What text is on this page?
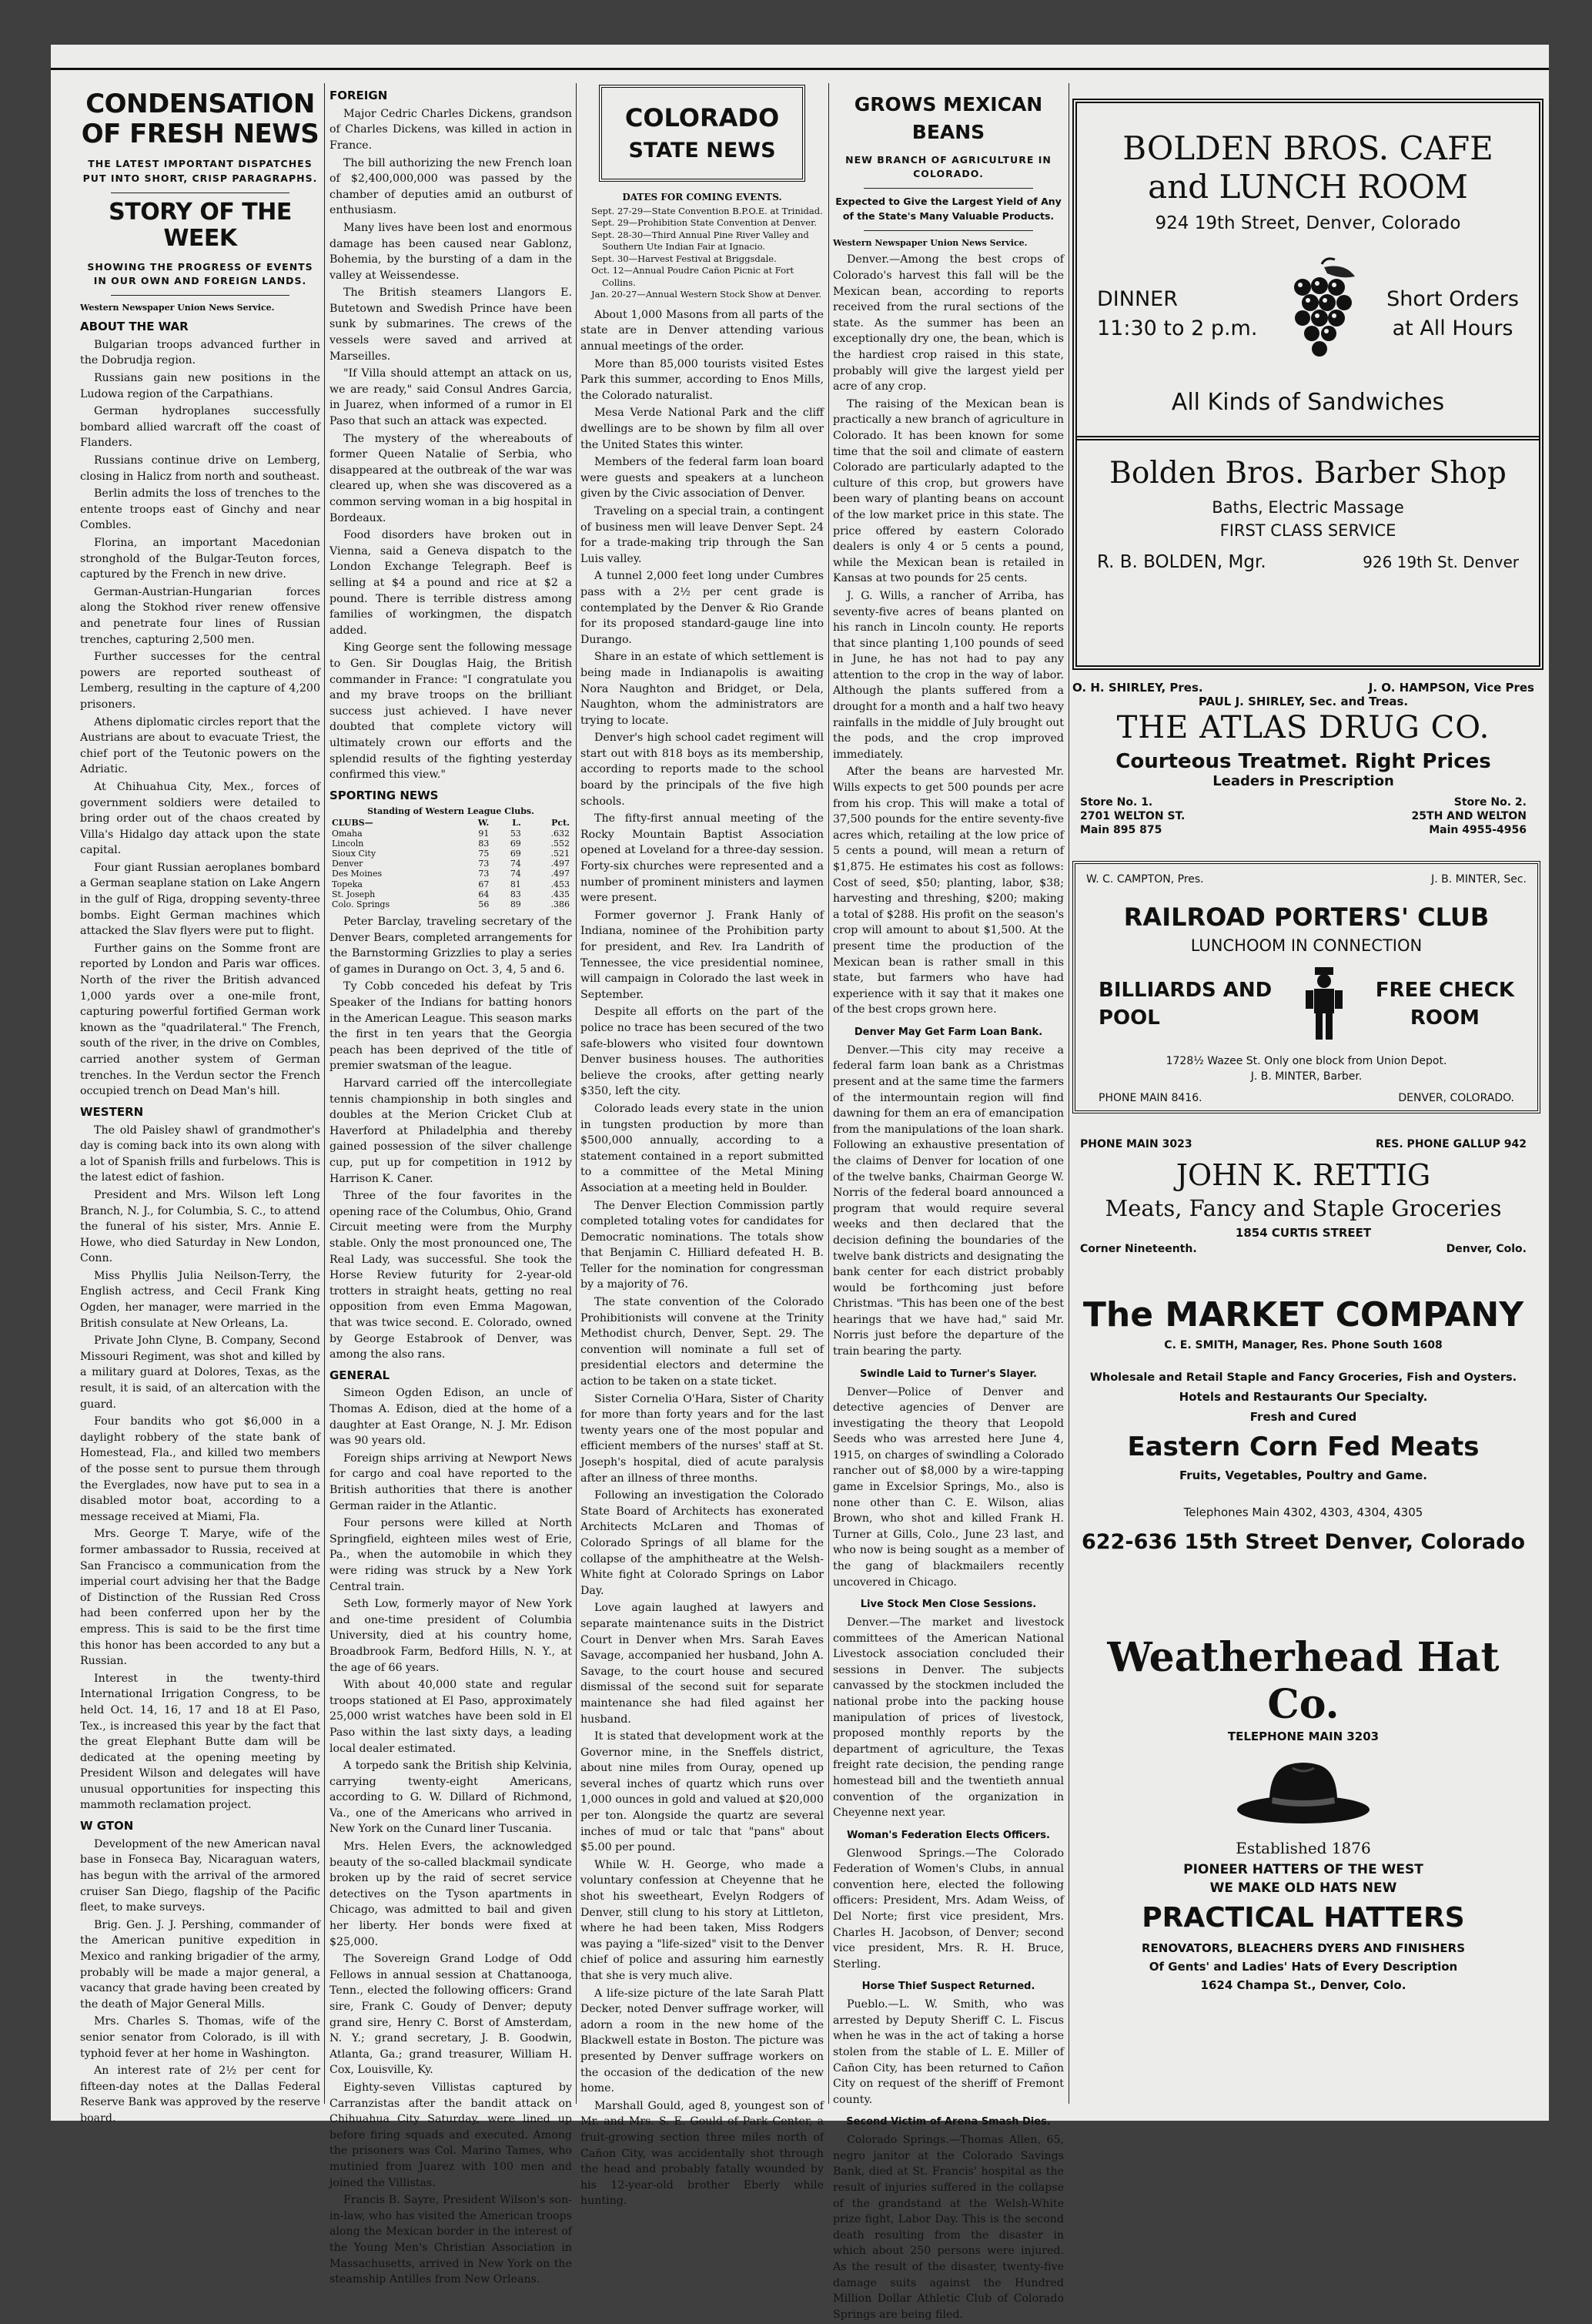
CONDENSATION OF FRESH NEWS
THE LATEST IMPORTANT DISPATCHES PUT INTO SHORT, CRISP PARAGRAPHS.
STORY OF THE WEEK
SHOWING THE PROGRESS OF EVENTS IN OUR OWN AND FOREIGN LANDS.
Western Newspaper Union News Service.
ABOUT THE WAR

Bulgarian troops advanced further in the Dobrudja region.

Russians gain new positions in the Ludowa region of the Carpathians.

German hydroplanes successfully bombard allied warcraft off the coast of Flanders.

Russians continue drive on Lemberg, closing in Halicz from north and southeast.

Berlin admits the loss of trenches to the entente troops east of Ginchy and near Combles.

Florina, an important Macedonian stronghold of the Bulgar-Teuton forces, captured by the French in new drive.

German-Austrian-Hungarian forces along the Stokhod river renew offensive and penetrate four lines of Russian trenches, capturing 2,500 men.

Further successes for the central powers are reported southeast of Lemberg, resulting in the capture of 4,200 prisoners.

Athens diplomatic circles report that the Austrians are about to evacuate Triest, the chief port of the Teutonic powers on the Adriatic.

At Chihuahua City, Mex., forces of government soldiers were detailed to bring order out of the chaos created by Villa's Hidalgo day attack upon the state capital.

Four giant Russian aeroplanes bombard a German seaplane station on Lake Angern in the gulf of Riga, dropping seventy-three bombs. Eight German machines which attacked the Slav flyers were put to flight.

Further gains on the Somme front are reported by London and Paris war offices. North of the river the British advanced 1,000 yards over a one-mile front, capturing powerful fortified German work known as the "quadrilateral." The French, south of the river, in the drive on Combles, carried another system of German trenches. In the Verdun sector the French occupied trench on Dead Man's hill.

WESTERN

The old Paisley shawl of grandmother's day is coming back into its own along with a lot of Spanish frills and furbelows. This is the latest edict of fashion.

President and Mrs. Wilson left Long Branch, N. J., for Columbia, S. C., to attend the funeral of his sister, Mrs. Annie E. Howe, who died Saturday in New London, Conn.

Miss Phyllis Julia Neilson-Terry, the English actress, and Cecil Frank King Ogden, her manager, were married in the British consulate at New Orleans, La.

Private John Clyne, B. Company, Second Missouri Regiment, was shot and killed by a military guard at Dolores, Texas, as the result, it is said, of an altercation with the guard.

Four bandits who got $6,000 in a daylight robbery of the state bank of Homestead, Fla., and killed two members of the posse sent to pursue them through the Everglades, now have put to sea in a disabled motor boat, according to a message received at Miami, Fla.

Mrs. George T. Marye, wife of the former ambassador to Russia, received at San Francisco a communication from the imperial court advising her that the Badge of Distinction of the Russian Red Cross had been conferred upon her by the empress. This is said to be the first time this honor has been accorded to any but a Russian.

Interest in the twenty-third International Irrigation Congress, to be held Oct. 14, 16, 17 and 18 at El Paso, Tex., is increased this year by the fact that the great Elephant Butte dam will be dedicated at the opening meeting by President Wilson and delegates will have unusual opportunities for inspecting this mammoth reclamation project.

W GTON

Development of the new American naval base in Fonseca Bay, Nicaraguan waters, has begun with the arrival of the armored cruiser San Diego, flagship of the Pacific fleet, to make surveys.

Brig. Gen. J. J. Pershing, commander of the American punitive expedition in Mexico and ranking brigadier of the army, probably will be made a major general, a vacancy that grade having been created by the death of Major General Mills.

Mrs. Charles S. Thomas, wife of the senior senator from Colorado, is ill with typhoid fever at her home in Washington.

An interest rate of 2½ per cent for fifteen-day notes at the Dallas Federal Reserve Bank was approved by the reserve board.

FOREIGN

Major Cedric Charles Dickens, grandson of Charles Dickens, was killed in action in France.

The bill authorizing the new French loan of $2,400,000,000 was passed by the chamber of deputies amid an outburst of enthusiasm.

Many lives have been lost and enormous damage has been caused near Gablonz, Bohemia, by the bursting of a dam in the valley at Weissendesse.

The British steamers Llangors E. Butetown and Swedish Prince have been sunk by submarines. The crews of the vessels were saved and arrived at Marseilles.

"If Villa should attempt an attack on us, we are ready," said Consul Andres Garcia, in Juarez, when informed of a rumor in El Paso that such an attack was expected.

The mystery of the whereabouts of former Queen Natalie of Serbia, who disappeared at the outbreak of the war was cleared up, when she was discovered as a common serving woman in a big hospital in Bordeaux.

Food disorders have broken out in Vienna, said a Geneva dispatch to the London Exchange Telegraph. Beef is selling at $4 a pound and rice at $2 a pound. There is terrible distress among families of workingmen, the dispatch added.

King George sent the following message to Gen. Sir Douglas Haig, the British commander in France: "I congratulate you and my brave troops on the brilliant success just achieved. I have never doubted that complete victory will ultimately crown our efforts and the splendid results of the fighting yesterday confirmed this view."

SPORTING NEWS
Standing of Western League Clubs.
CLUBS—	W.	L.	Pct.
Omaha	91	53	.632
Lincoln	83	69	.552
Sioux City	75	69	.521
Denver	73	74	.497
Des Moines	73	74	.497
Topeka	67	81	.453
St. Joseph	64	83	.435
Colo. Springs	56	89	.386

Peter Barclay, traveling secretary of the Denver Bears, completed arrangements for the Barnstorming Grizzlies to play a series of games in Durango on Oct. 3, 4, 5 and 6.

Ty Cobb conceded his defeat by Tris Speaker of the Indians for batting honors in the American League. This season marks the first in ten years that the Georgia peach has been deprived of the title of premier swatsman of the league.

Harvard carried off the intercollegiate tennis championship in both singles and doubles at the Merion Cricket Club at Haverford at Philadelphia and thereby gained possession of the silver challenge cup, put up for competition in 1912 by Harrison K. Caner.

Three of the four favorites in the opening race of the Columbus, Ohio, Grand Circuit meeting were from the Murphy stable. Only the most pronounced one, The Real Lady, was successful. She took the Horse Review futurity for 2-year-old trotters in straight heats, getting no real opposition from even Emma Magowan, that was twice second. E. Colorado, owned by George Estabrook of Denver, was among the also rans.

GENERAL

Simeon Ogden Edison, an uncle of Thomas A. Edison, died at the home of a daughter at East Orange, N. J. Mr. Edison was 90 years old.

Foreign ships arriving at Newport News for cargo and coal have reported to the British authorities that there is another German raider in the Atlantic.

Four persons were killed at North Springfield, eighteen miles west of Erie, Pa., when the automobile in which they were riding was struck by a New York Central train.

Seth Low, formerly mayor of New York and one-time president of Columbia University, died at his country home, Broadbrook Farm, Bedford Hills, N. Y., at the age of 66 years.

With about 40,000 state and regular troops stationed at El Paso, approximately 25,000 wrist watches have been sold in El Paso within the last sixty days, a leading local dealer estimated.

A torpedo sank the British ship Kelvinia, carrying twenty-eight Americans, according to G. W. Dillard of Richmond, Va., one of the Americans who arrived in New York on the Cunard liner Tuscania.

Mrs. Helen Evers, the acknowledged beauty of the so-called blackmail syndicate broken up by the raid of secret service detectives on the Tyson apartments in Chicago, was admitted to bail and given her liberty. Her bonds were fixed at $25,000.

The Sovereign Grand Lodge of Odd Fellows in annual session at Chattanooga, Tenn., elected the following officers: Grand sire, Frank C. Goudy of Denver; deputy grand sire, Henry C. Borst of Amsterdam, N. Y.; grand secretary, J. B. Goodwin, Atlanta, Ga.; grand treasurer, William H. Cox, Louisville, Ky.

Eighty-seven Villistas captured by Carranzistas after the bandit attack on Chihuahua City Saturday, were lined up before firing squads and executed. Among the prisoners was Col. Marino Tames, who mutinied from Juarez with 100 men and joined the Villistas.

Francis B. Sayre, President Wilson's son-in-law, who has visited the American troops along the Mexican border in the interest of the Young Men's Christian Association in Massachusetts, arrived in New York on the steamship Antilles from New Orleans.

COLORADO
STATE NEWS
DATES FOR COMING EVENTS.
Sept. 27-29—State Convention B.P.O.E. at Trinidad.
Sept. 29—Prohibition State Convention at Denver.
Sept. 28-30—Third Annual Pine River Valley and Southern Ute Indian Fair at Ignacio.
Sept. 30—Harvest Festival at Briggsdale.
Oct. 12—Annual Poudre Cañon Picnic at Fort Collins.
Jan. 20-27—Annual Western Stock Show at Denver.

About 1,000 Masons from all parts of the state are in Denver attending various annual meetings of the order.

More than 85,000 tourists visited Estes Park this summer, according to Enos Mills, the Colorado naturalist.

Mesa Verde National Park and the cliff dwellings are to be shown by film all over the United States this winter.

Members of the federal farm loan board were guests and speakers at a luncheon given by the Civic association of Denver.

Traveling on a special train, a contingent of business men will leave Denver Sept. 24 for a trade-making trip through the San Luis valley.

A tunnel 2,000 feet long under Cumbres pass with a 2½ per cent grade is contemplated by the Denver & Rio Grande for its proposed standard-gauge line into Durango.

Share in an estate of which settlement is being made in Indianapolis is awaiting Nora Naughton and Bridget, or Dela, Naughton, whom the administrators are trying to locate.

Denver's high school cadet regiment will start out with 818 boys as its membership, according to reports made to the school board by the principals of the five high schools.

The fifty-first annual meeting of the Rocky Mountain Baptist Association opened at Loveland for a three-day session. Forty-six churches were represented and a number of prominent ministers and laymen were present.

Former governor J. Frank Hanly of Indiana, nominee of the Prohibition party for president, and Rev. Ira Landrith of Tennessee, the vice presidential nominee, will campaign in Colorado the last week in September.

Despite all efforts on the part of the police no trace has been secured of the two safe-blowers who visited four downtown Denver business houses. The authorities believe the crooks, after getting nearly $350, left the city.

Colorado leads every state in the union in tungsten production by more than $500,000 annually, according to a statement contained in a report submitted to a committee of the Metal Mining Association at a meeting held in Boulder.

The Denver Election Commission partly completed totaling votes for candidates for Democratic nominations. The totals show that Benjamin C. Hilliard defeated H. B. Teller for the nomination for congressman by a majority of 76.

The state convention of the Colorado Prohibitionists will convene at the Trinity Methodist church, Denver, Sept. 29. The convention will nominate a full set of presidential electors and determine the action to be taken on a state ticket.

Sister Cornelia O'Hara, Sister of Charity for more than forty years and for the last twenty years one of the most popular and efficient members of the nurses' staff at St. Joseph's hospital, died of acute paralysis after an illness of three months.

Following an investigation the Colorado State Board of Architects has exonerated Architects McLaren and Thomas of Colorado Springs of all blame for the collapse of the amphitheatre at the Welsh-White fight at Colorado Springs on Labor Day.

Love again laughed at lawyers and separate maintenance suits in the District Court in Denver when Mrs. Sarah Eaves Savage, accompanied her husband, John A. Savage, to the court house and secured dismissal of the second suit for separate maintenance she had filed against her husband.

It is stated that development work at the Governor mine, in the Sneffels district, about nine miles from Ouray, opened up several inches of quartz which runs over 1,000 ounces in gold and valued at $20,000 per ton. Alongside the quartz are several inches of mud or talc that "pans" about $5.00 per pound.

While W. H. George, who made a voluntary confession at Cheyenne that he shot his sweetheart, Evelyn Rodgers of Denver, still clung to his story at Littleton, where he had been taken, Miss Rodgers was paying a "life-sized" visit to the Denver chief of police and assuring him earnestly that she is very much alive.

A life-size picture of the late Sarah Platt Decker, noted Denver suffrage worker, will adorn a room in the new home of the Blackwell estate in Boston. The picture was presented by Denver suffrage workers on the occasion of the dedication of the new home.

Marshall Gould, aged 8, youngest son of Mr. and Mrs. S. E. Gould of Park Center, a fruit-growing section three miles north of Cañon City, was accidentally shot through the head and probably fatally wounded by his 12-year-old brother Eberly while hunting.

GROWS MEXICAN BEANS
NEW BRANCH OF AGRICULTURE IN COLORADO.
Expected to Give the Largest Yield of Any of the State's Many Valuable Products.
Western Newspaper Union News Service.

Denver.—Among the best crops of Colorado's harvest this fall will be the Mexican bean, according to reports received from the rural sections of the state. As the summer has been an exceptionally dry one, the bean, which is the hardiest crop raised in this state, probably will give the largest yield per acre of any crop.

The raising of the Mexican bean is practically a new branch of agriculture in Colorado. It has been known for some time that the soil and climate of eastern Colorado are particularly adapted to the culture of this crop, but growers have been wary of planting beans on account of the low market price in this state. The price offered by eastern Colorado dealers is only 4 or 5 cents a pound, while the Mexican bean is retailed in Kansas at two pounds for 25 cents.

J. G. Wills, a rancher of Arriba, has seventy-five acres of beans planted on his ranch in Lincoln county. He reports that since planting 1,100 pounds of seed in June, he has not had to pay any attention to the crop in the way of labor. Although the plants suffered from a drought for a month and a half two heavy rainfalls in the middle of July brought out the pods, and the crop improved immediately.

After the beans are harvested Mr. Wills expects to get 500 pounds per acre from his crop. This will make a total of 37,500 pounds for the entire seventy-five acres which, retailing at the low price of 5 cents a pound, will mean a return of $1,875. He estimates his cost as follows: Cost of seed, $50; planting, labor, $38; harvesting and threshing, $200; making a total of $288. His profit on the season's crop will amount to about $1,500. At the present time the production of the Mexican bean is rather small in this state, but farmers who have had experience with it say that it makes one of the best crops grown here.

Denver May Get Farm Loan Bank.

Denver.—This city may receive a federal farm loan bank as a Christmas present and at the same time the farmers of the intermountain region will find dawning for them an era of emancipation from the manipulations of the loan shark. Following an exhaustive presentation of the claims of Denver for location of one of the twelve banks, Chairman George W. Norris of the federal board announced a program that would require several weeks and then declared that the decision defining the boundaries of the twelve bank districts and designating the bank center for each district probably would be forthcoming just before Christmas. "This has been one of the best hearings that we have had," said Mr. Norris just before the departure of the train bearing the party.

Swindle Laid to Turner's Slayer.

Denver—Police of Denver and detective agencies of Denver are investigating the theory that Leopold Seeds who was arrested here June 4, 1915, on charges of swindling a Colorado rancher out of $8,000 by a wire-tapping game in Excelsior Springs, Mo., also is none other than C. E. Wilson, alias Brown, who shot and killed Frank H. Turner at Gills, Colo., June 23 last, and who now is being sought as a member of the gang of blackmailers recently uncovered in Chicago.

Live Stock Men Close Sessions.

Denver.—The market and livestock committees of the American National Livestock association concluded their sessions in Denver. The subjects canvassed by the stockmen included the national probe into the packing house manipulation of prices of livestock, proposed monthly reports by the department of agriculture, the Texas freight rate decision, the pending range homestead bill and the twentieth annual convention of the organization in Cheyenne next year.

Woman's Federation Elects Officers.

Glenwood Springs.—The Colorado Federation of Women's Clubs, in annual convention here, elected the following officers: President, Mrs. Adam Weiss, of Del Norte; first vice president, Mrs. Charles H. Jacobson, of Denver; second vice president, Mrs. R. H. Bruce, Sterling.

Horse Thief Suspect Returned.

Pueblo.—L. W. Smith, who was arrested by Deputy Sheriff C. L. Fiscus when he was in the act of taking a horse stolen from the stable of L. E. Miller of Cañon City, has been returned to Cañon City on request of the sheriff of Fremont county.

Second Victim of Arena Smash Dies.

Colorado Springs.—Thomas Allen, 65, negro janitor at the Colorado Savings Bank, died at St. Francis' hospital as the result of injuries suffered in the collapse of the grandstand at the Welsh-White prize fight, Labor Day. This is the second death resulting from the disaster in which about 250 persons were injured. As the result of the disaster, twenty-five damage suits against the Hundred Million Dollar Athletic Club of Colorado Springs are being filed.

BOLDEN BROS. CAFE
and LUNCH ROOM
924 19th Street, Denver, Colorado
DINNER
11:30 to 2 p.m.
Short Orders
at All Hours
All Kinds of Sandwiches
Bolden Bros. Barber Shop
Baths, Electric Massage
FIRST CLASS SERVICE
R. B. BOLDEN, Mgr.	926 19th St. Denver
O. H. SHIRLEY, Pres.	J. O. HAMPSON, Vice Pres
PAUL J. SHIRLEY, Sec. and Treas.
THE ATLAS DRUG CO.
Courteous Treatmet. Right Prices
Leaders in Prescription
Store No. 1.
2701 WELTON ST.
Main 895 875
Store No. 2.
25TH AND WELTON
Main 4955-4956
W. C. CAMPTON, Pres.	J. B. MINTER, Sec.
RAILROAD PORTERS' CLUB
LUNCHOOM IN CONNECTION
BILLIARDS AND
POOL
FREE CHECK
ROOM
1728½ Wazee St. Only one block from Union Depot.
J. B. MINTER, Barber.
PHONE MAIN 8416.	DENVER, COLORADO.
PHONE MAIN 3023	RES. PHONE GALLUP 942
JOHN K. RETTIG
Meats, Fancy and Staple Groceries
1854 CURTIS STREET
Corner Nineteenth.	Denver, Colo.
The MARKET COMPANY
C. E. SMITH, Manager, Res. Phone South 1608
Wholesale and Retail Staple and Fancy Groceries, Fish and Oysters.
Hotels and Restaurants Our Specialty.
Fresh and Cured
Eastern Corn Fed Meats
Fruits, Vegetables, Poultry and Game.
Telephones Main 4302, 4303, 4304, 4305
622-636 15th Street Denver, Colorado
Weatherhead Hat Co.
TELEPHONE MAIN 3203
Established 1876
PIONEER HATTERS OF THE WEST
WE MAKE OLD HATS NEW
PRACTICAL HATTERS
RENOVATORS, BLEACHERS DYERS AND FINISHERS
Of Gents' and Ladies' Hats of Every Description
1624 Champa St., Denver, Colo.
